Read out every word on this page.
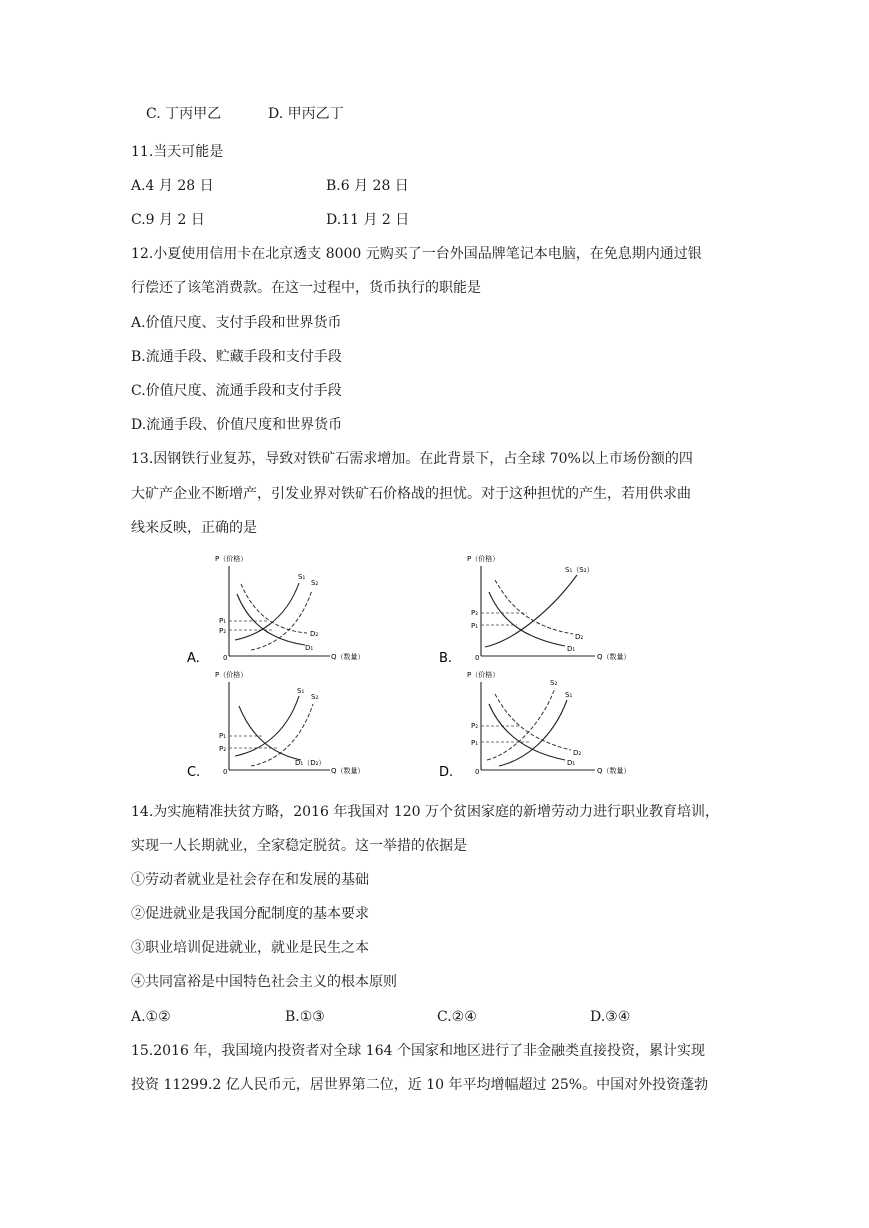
C. 丁丙甲乙	D. 甲丙乙丁
11.当天可能是
A.4 月 28 日	B.6 月 28 日
C.9 月 2 日	D.11 月 2 日
12.小夏使用信用卡在北京透支 8000 元购买了一台外国品牌笔记本电脑，在免息期内通过银
行偿还了该笔消费款。在这一过程中，货币执行的职能是
A.价值尺度、支付手段和世界货币
B.流通手段、贮藏手段和支付手段
C.价值尺度、流通手段和支付手段
D.流通手段、价值尺度和世界货币
13.因钢铁行业复苏，导致对铁矿石需求增加。在此背景下，占全球 70%以上市场份额的四
大矿产企业不断增产，引发业界对铁矿石价格战的担忧。对于这种担忧的产生，若用供求曲
线来反映，正确的是
A.
P（价格）
0	Q（数量）
P₁
P₂
S₁
S₂
D₂
D₁
B.
P（价格）
0	Q（数量）
P₂
P₁
S₁（S₂）
D₂
D₁
C.
P（价格）
0	Q（数量）
P₁
P₂
S₁
S₂
D₁（D₂）
D.
P（价格）
0	Q（数量）
P₂
P₁
S₂
S₁
D₂
D₁
14.为实施精准扶贫方略，2016 年我国对 120 万个贫困家庭的新增劳动力进行职业教育培训，
实现一人长期就业，全家稳定脱贫。这一举措的依据是
①劳动者就业是社会存在和发展的基础
②促进就业是我国分配制度的基本要求
③职业培训促进就业，就业是民生之本
④共同富裕是中国特色社会主义的根本原则
A.①②	B.①③	C.②④	D.③④
15.2016 年，我国境内投资者对全球 164 个国家和地区进行了非金融类直接投资，累计实现
投资 11299.2 亿人民币元，居世界第二位，近 10 年平均增幅超过 25%。中国对外投资蓬勃
